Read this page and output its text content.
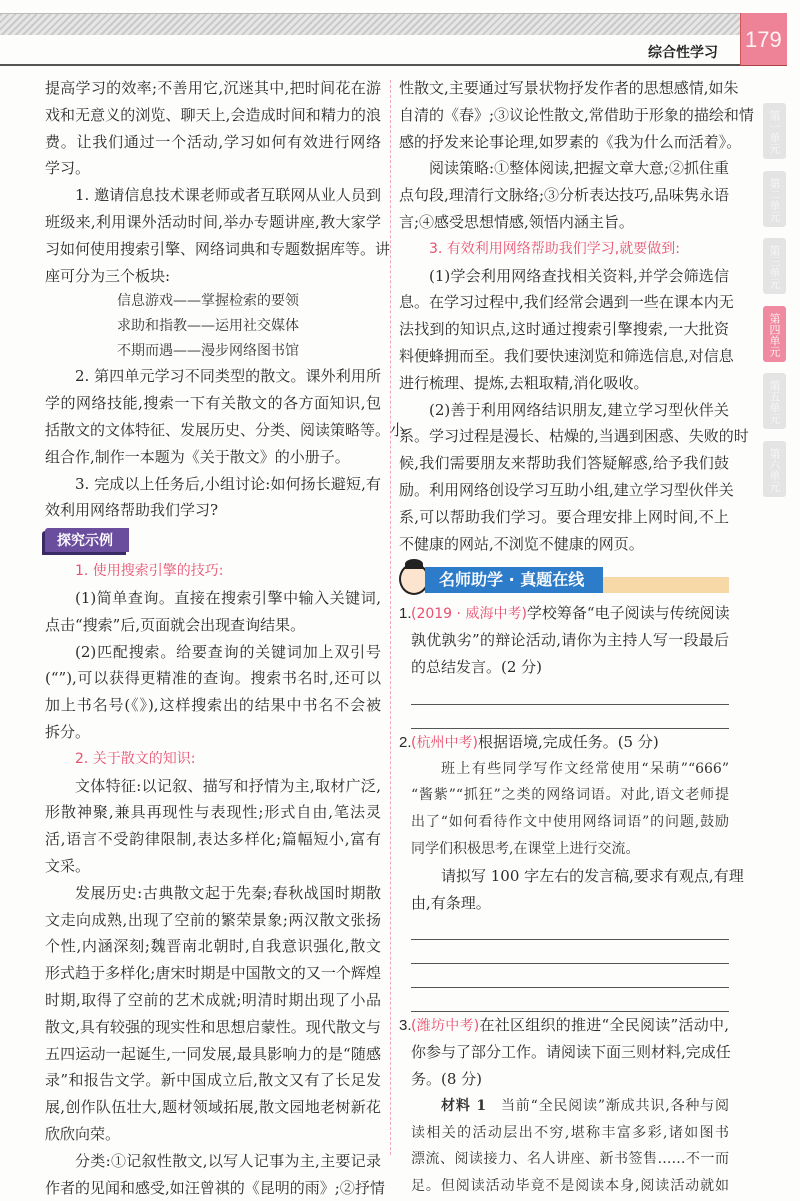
综合性学习
179
第一单元
第二单元
第三单元
第四单元
第五单元
第六单元
提高学习的效率;不善用它,沉迷其中,把时间花在游
戏和无意义的浏览、聊天上,会造成时间和精力的浪
费。让我们通过一个活动,学习如何有效进行网络
学习。
1. 邀请信息技术课老师或者互联网从业人员到
班级来,利用课外活动时间,举办专题讲座,教大家学
习如何使用搜索引擎、网络词典和专题数据库等。讲
座可分为三个板块:
信息游戏——掌握检索的要领
求助和指教——运用社交媒体
不期而遇——漫步网络图书馆
2. 第四单元学习不同类型的散文。课外利用所
学的网络技能,搜索一下有关散文的各方面知识,包
括散文的文体特征、发展历史、分类、阅读策略等。小
组合作,制作一本题为《关于散文》的小册子。
3. 完成以上任务后,小组讨论:如何扬长避短,有
效利用网络帮助我们学习?
探究示例
1. 使用搜索引擎的技巧:
(1)简单查询。直接在搜索引擎中输入关键词,
点击“搜索”后,页面就会出现查询结果。
(2)匹配搜索。给要查询的关键词加上双引号
(“”),可以获得更精准的查询。搜索书名时,还可以
加上书名号(《》),这样搜索出的结果中书名不会被
拆分。
2. 关于散文的知识:
文体特征:以记叙、描写和抒情为主,取材广泛,
形散神聚,兼具再现性与表现性;形式自由,笔法灵
活,语言不受韵律限制,表达多样化;篇幅短小,富有
文采。
发展历史:古典散文起于先秦;春秋战国时期散
文走向成熟,出现了空前的繁荣景象;两汉散文张扬
个性,内涵深刻;魏晋南北朝时,自我意识强化,散文
形式趋于多样化;唐宋时期是中国散文的又一个辉煌
时期,取得了空前的艺术成就;明清时期出现了小品
散文,具有较强的现实性和思想启蒙性。现代散文与
五四运动一起诞生,一同发展,最具影响力的是“随感
录”和报告文学。新中国成立后,散文又有了长足发
展,创作队伍壮大,题材领域拓展,散文园地老树新花
欣欣向荣。
分类:①记叙性散文,以写人记事为主,主要记录
作者的见闻和感受,如汪曾祺的《昆明的雨》;②抒情
性散文,主要通过写景状物抒发作者的思想感情,如朱
自清的《春》;③议论性散文,常借助于形象的描绘和情
感的抒发来论事论理,如罗素的《我为什么而活着》。
阅读策略:①整体阅读,把握文章大意;②抓住重
点句段,理清行文脉络;③分析表达技巧,品味隽永语
言;④感受思想情感,领悟内涵主旨。
3. 有效利用网络帮助我们学习,就要做到:
(1)学会利用网络查找相关资料,并学会筛选信
息。在学习过程中,我们经常会遇到一些在课本内无
法找到的知识点,这时通过搜索引擎搜索,一大批资
料便蜂拥而至。我们要快速浏览和筛选信息,对信息
进行梳理、提炼,去粗取精,消化吸收。
(2)善于利用网络结识朋友,建立学习型伙伴关
系。学习过程是漫长、枯燥的,当遇到困惑、失败的时
候,我们需要朋友来帮助我们答疑解惑,给予我们鼓
励。利用网络创设学习互助小组,建立学习型伙伴关
系,可以帮助我们学习。要合理安排上网时间,不上
不健康的网站,不浏览不健康的网页。
名师助学 · 真题在线
1.(2019 · 威海中考)学校筹备“电子阅读与传统阅读
孰优孰劣”的辩论活动,请你为主持人写一段最后
的总结发言。(2 分)
2.(杭州中考)根据语境,完成任务。(5 分)
班上有些同学写作文经常使用“呆萌”“666”
“酱紫”“抓狂”之类的网络词语。对此,语文老师提
出了“如何看待作文中使用网络词语”的问题,鼓励
同学们积极思考,在课堂上进行交流。
请拟写 100 字左右的发言稿,要求有观点,有理
由,有条理。
3.(潍坊中考)在社区组织的推进“全民阅读”活动中,
你参与了部分工作。请阅读下面三则材料,完成任
务。(8 分)
材料 1 当前“全民阅读”渐成共识,各种与阅
读相关的活动层出不穷,堪称丰富多彩,诸如图书
漂流、阅读接力、名人讲座、新书签售……不一而
足。但阅读活动毕竟不是阅读本身,阅读活动就如
